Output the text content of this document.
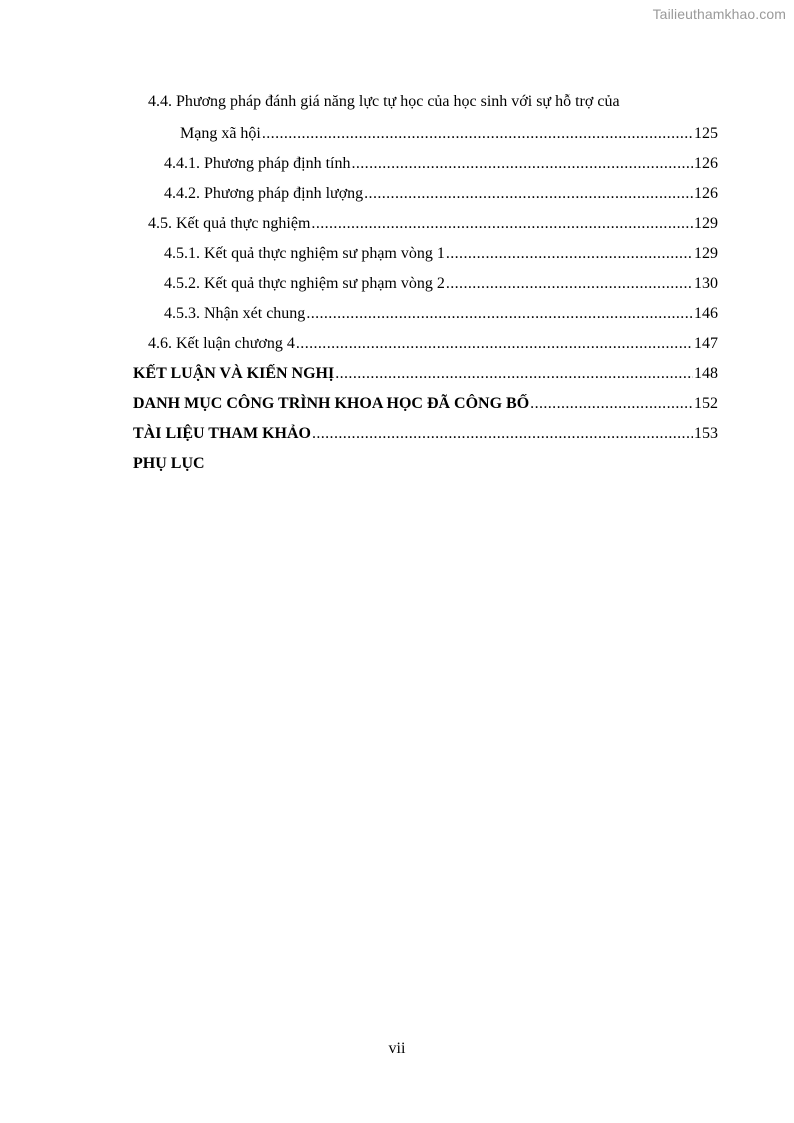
Tailieuthamkhao.com
4.4. Phương pháp đánh giá năng lực tự học của học sinh với sự hỗ trợ của
Mạng xã hội .....	125
4.4.1. Phương pháp định tính .....	126
4.4.2. Phương pháp định lượng .....	126
4.5. Kết quả thực nghiệm .....	129
4.5.1. Kết quả thực nghiệm sư phạm vòng 1 .....	129
4.5.2. Kết quả thực nghiệm sư phạm vòng 2 .....	130
4.5.3. Nhận xét chung .....	146
4.6. Kết luận chương 4 .....	147
KẾT LUẬN VÀ KIẾN NGHỊ .....	148
DANH MỤC CÔNG TRÌNH KHOA HỌC ĐÃ CÔNG BỐ .....	152
TÀI LIỆU THAM KHẢO .....	153
PHỤ LỤC
vii
